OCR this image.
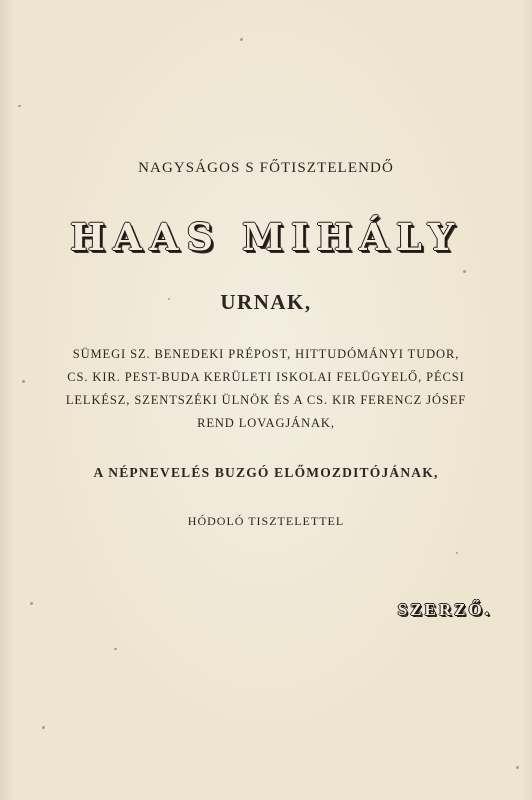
NAGYSÁGOS S FŐTISZTELENDŐ
HAAS MIHÁLY
URNAK,
SÜMEGI SZ. BENEDEKI PRÉPOST, HITTUDÓMÁNYI TUDOR,
CS. KIR. PEST-BUDA KERÜLETI ISKOLAI FELÜGYELŐ, PÉCSI
LELKÉSZ, SZENTSZÉKI ÜLNÖK ÉS A CS. KIR FERENCZ JÓSEF
REND LOVAGJÁNAK,
A NÉPNEVELÉS BUZGÓ ELŐMOZDITÓJÁNAK,
HÓDOLÓ TISZTELETTEL
SZERZŐ.
